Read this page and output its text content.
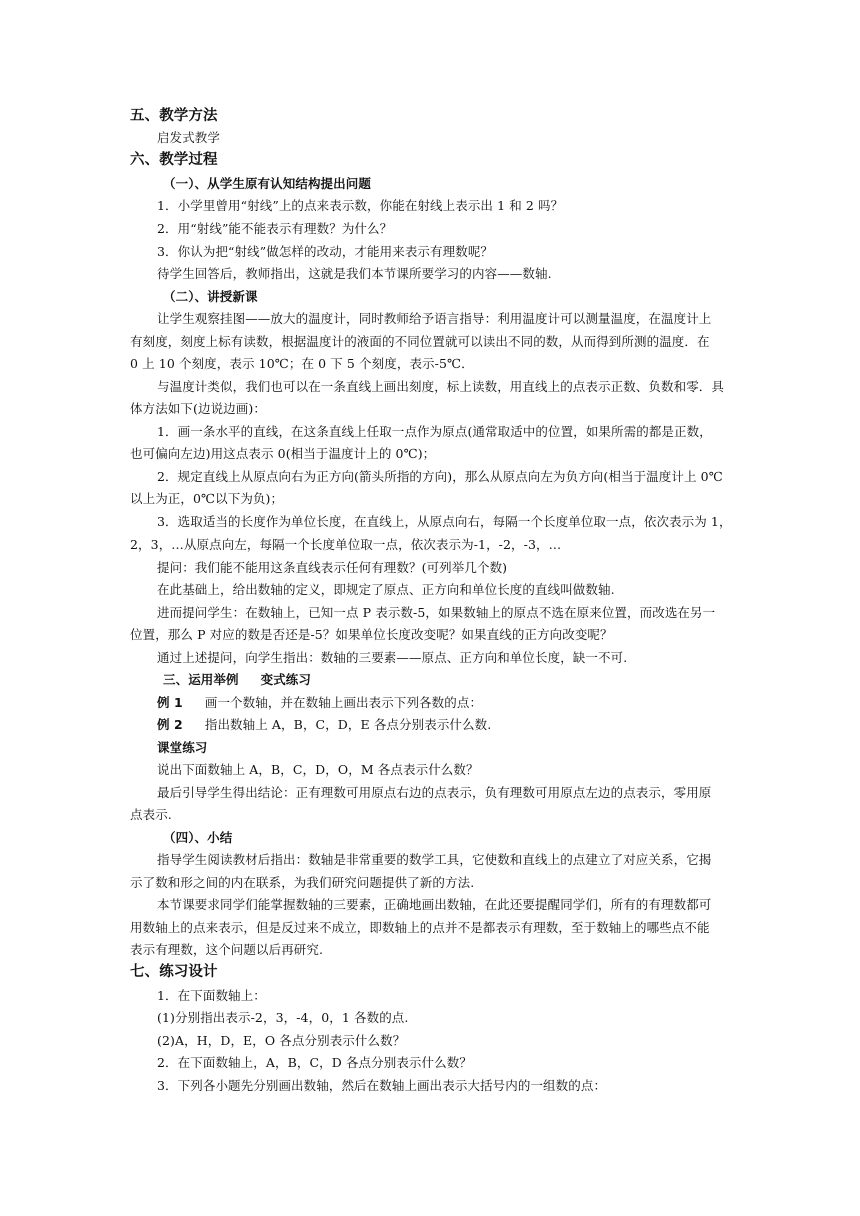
五、教学方法
启发式教学
六、教学过程
（一）、从学生原有认知结构提出问题
1．小学里曾用“射线”上的点来表示数，你能在射线上表示出 1 和 2 吗？
2．用“射线”能不能表示有理数？为什么？
3．你认为把“射线”做怎样的改动，才能用来表示有理数呢？
待学生回答后，教师指出，这就是我们本节课所要学习的内容——数轴.
（二）、讲授新课
让学生观察挂图——放大的温度计，同时教师给予语言指导：利用温度计可以测量温度，在温度计上
有刻度，刻度上标有读数，根据温度计的液面的不同位置就可以读出不同的数，从而得到所测的温度．在
0 上 10 个刻度，表示 10℃；在 0 下 5 个刻度，表示-5℃．
与温度计类似，我们也可以在一条直线上画出刻度，标上读数，用直线上的点表示正数、负数和零．具
体方法如下(边说边画)：
1．画一条水平的直线，在这条直线上任取一点作为原点(通常取适中的位置，如果所需的都是正数，
也可偏向左边)用这点表示 0(相当于温度计上的 0℃)；
2．规定直线上从原点向右为正方向(箭头所指的方向)，那么从原点向左为负方向(相当于温度计上 0℃
以上为正，0℃以下为负)；
3．选取适当的长度作为单位长度，在直线上，从原点向右，每隔一个长度单位取一点，依次表示为 1，
2，3，…从原点向左，每隔一个长度单位取一点，依次表示为-1，-2，-3，…
提问：我们能不能用这条直线表示任何有理数？(可列举几个数)
在此基础上，给出数轴的定义，即规定了原点、正方向和单位长度的直线叫做数轴.
进而提问学生：在数轴上，已知一点 P 表示数-5，如果数轴上的原点不选在原来位置，而改选在另一
位置，那么 P 对应的数是否还是-5？如果单位长度改变呢？如果直线的正方向改变呢？
通过上述提问，向学生指出：数轴的三要素——原点、正方向和单位长度，缺一不可.
三、运用举例 变式练习
例 1 画一个数轴，并在数轴上画出表示下列各数的点：
例 2 指出数轴上 A，B，C，D，E 各点分别表示什么数.
课堂练习
说出下面数轴上 A，B，C，D，O，M 各点表示什么数？
最后引导学生得出结论：正有理数可用原点右边的点表示，负有理数可用原点左边的点表示，零用原
点表示.
（四）、小结
指导学生阅读教材后指出：数轴是非常重要的数学工具，它使数和直线上的点建立了对应关系，它揭
示了数和形之间的内在联系，为我们研究问题提供了新的方法.
本节课要求同学们能掌握数轴的三要素，正确地画出数轴，在此还要提醒同学们，所有的有理数都可
用数轴上的点来表示，但是反过来不成立，即数轴上的点并不是都表示有理数，至于数轴上的哪些点不能
表示有理数，这个问题以后再研究.
七、练习设计
1．在下面数轴上：
(1)分别指出表示-2，3，-4，0，1 各数的点.
(2)A，H，D，E，O 各点分别表示什么数？
2．在下面数轴上，A，B，C，D 各点分别表示什么数？
3．下列各小题先分别画出数轴，然后在数轴上画出表示大括号内的一组数的点：
